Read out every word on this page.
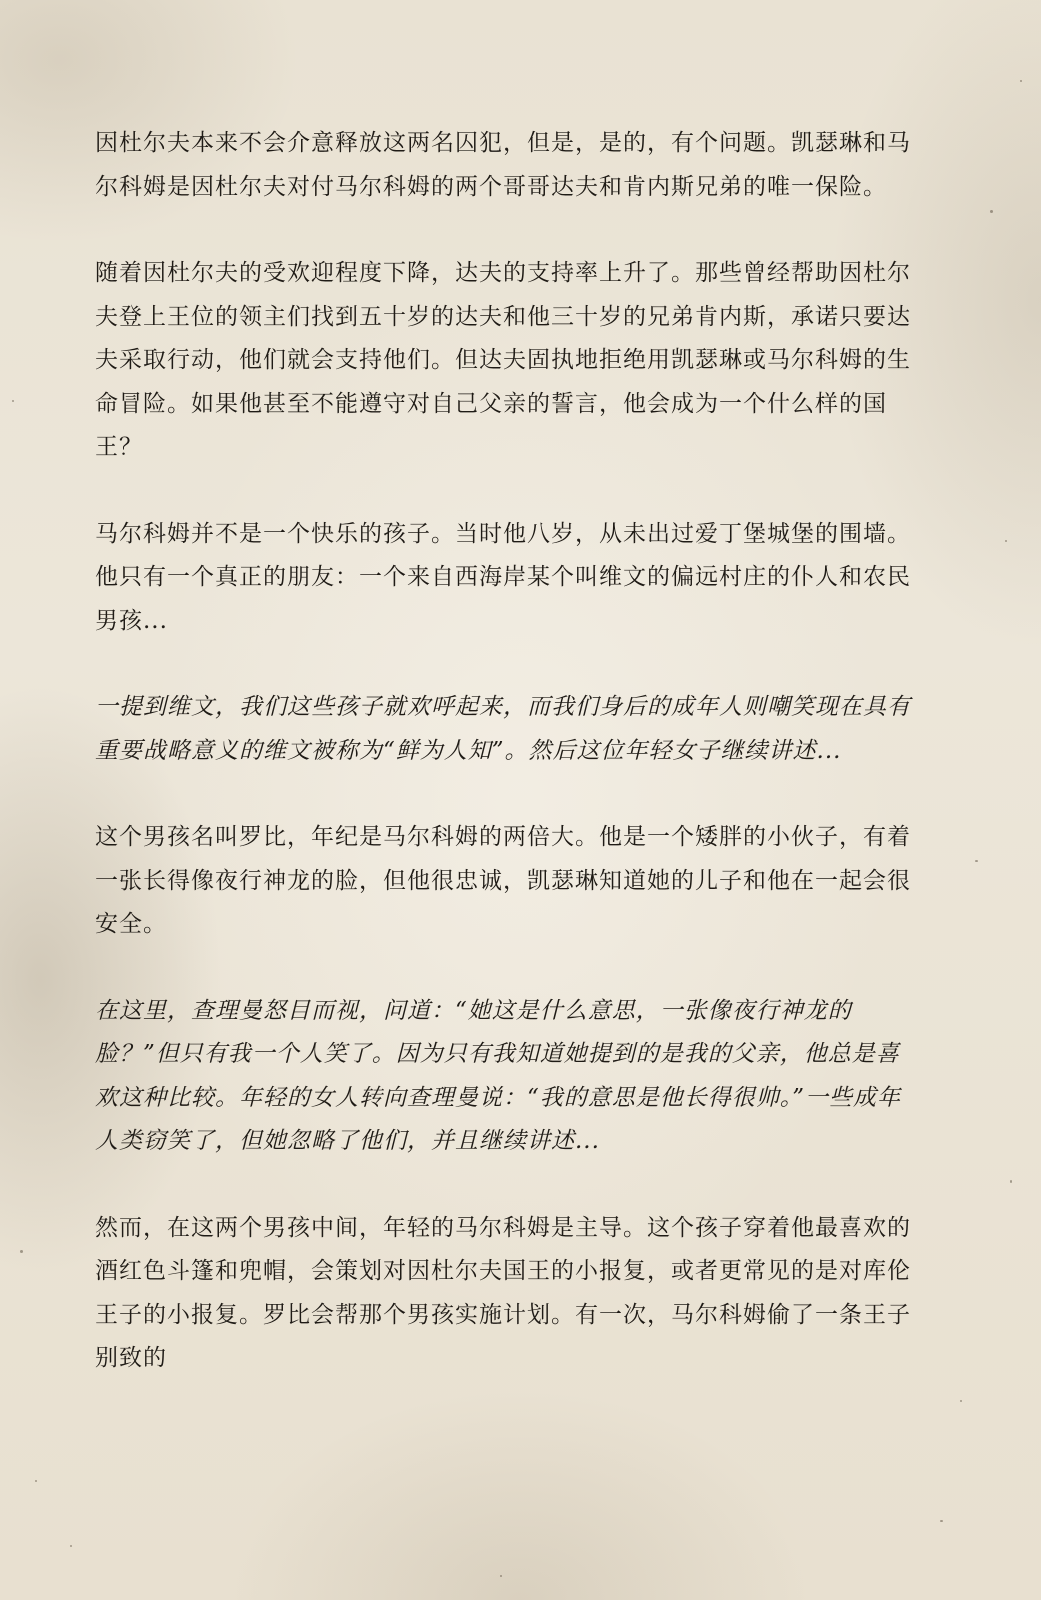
因杜尔夫本来不会介意释放这两名囚犯，但是，是的，有个问题。凯瑟琳和马尔科姆是因杜尔夫对付马尔科姆的两个哥哥达夫和肯内斯兄弟的唯一保险。

随着因杜尔夫的受欢迎程度下降，达夫的支持率上升了。那些曾经帮助因杜尔夫登上王位的领主们找到五十岁的达夫和他三十岁的兄弟肯内斯，承诺只要达夫采取行动，他们就会支持他们。但达夫固执地拒绝用凯瑟琳或马尔科姆的生命冒险。如果他甚至不能遵守对自己父亲的誓言，他会成为一个什么样的国王？

马尔科姆并不是一个快乐的孩子。当时他八岁，从未出过爱丁堡城堡的围墙。他只有一个真正的朋友：一个来自西海岸某个叫维文的偏远村庄的仆人和农民男孩...

一提到维文，我们这些孩子就欢呼起来，而我们身后的成年人则嘲笑现在具有重要战略意义的维文被称为“鲜为人知”。然后这位年轻女子继续讲述...

这个男孩名叫罗比，年纪是马尔科姆的两倍大。他是一个矮胖的小伙子，有着一张长得像夜行神龙的脸，但他很忠诚，凯瑟琳知道她的儿子和他在一起会很安全。

在这里，查理曼怒目而视，问道：“她这是什么意思，一张像夜行神龙的脸？”但只有我一个人笑了。因为只有我知道她提到的是我的父亲，他总是喜欢这种比较。年轻的女人转向查理曼说：“我的意思是他长得很帅。”一些成年人类窃笑了，但她忽略了他们，并且继续讲述...

然而，在这两个男孩中间，年轻的马尔科姆是主导。这个孩子穿着他最喜欢的酒红色斗篷和兜帽，会策划对因杜尔夫国王的小报复，或者更常见的是对库伦王子的小报复。罗比会帮那个男孩实施计划。有一次，马尔科姆偷了一条王子别致的
